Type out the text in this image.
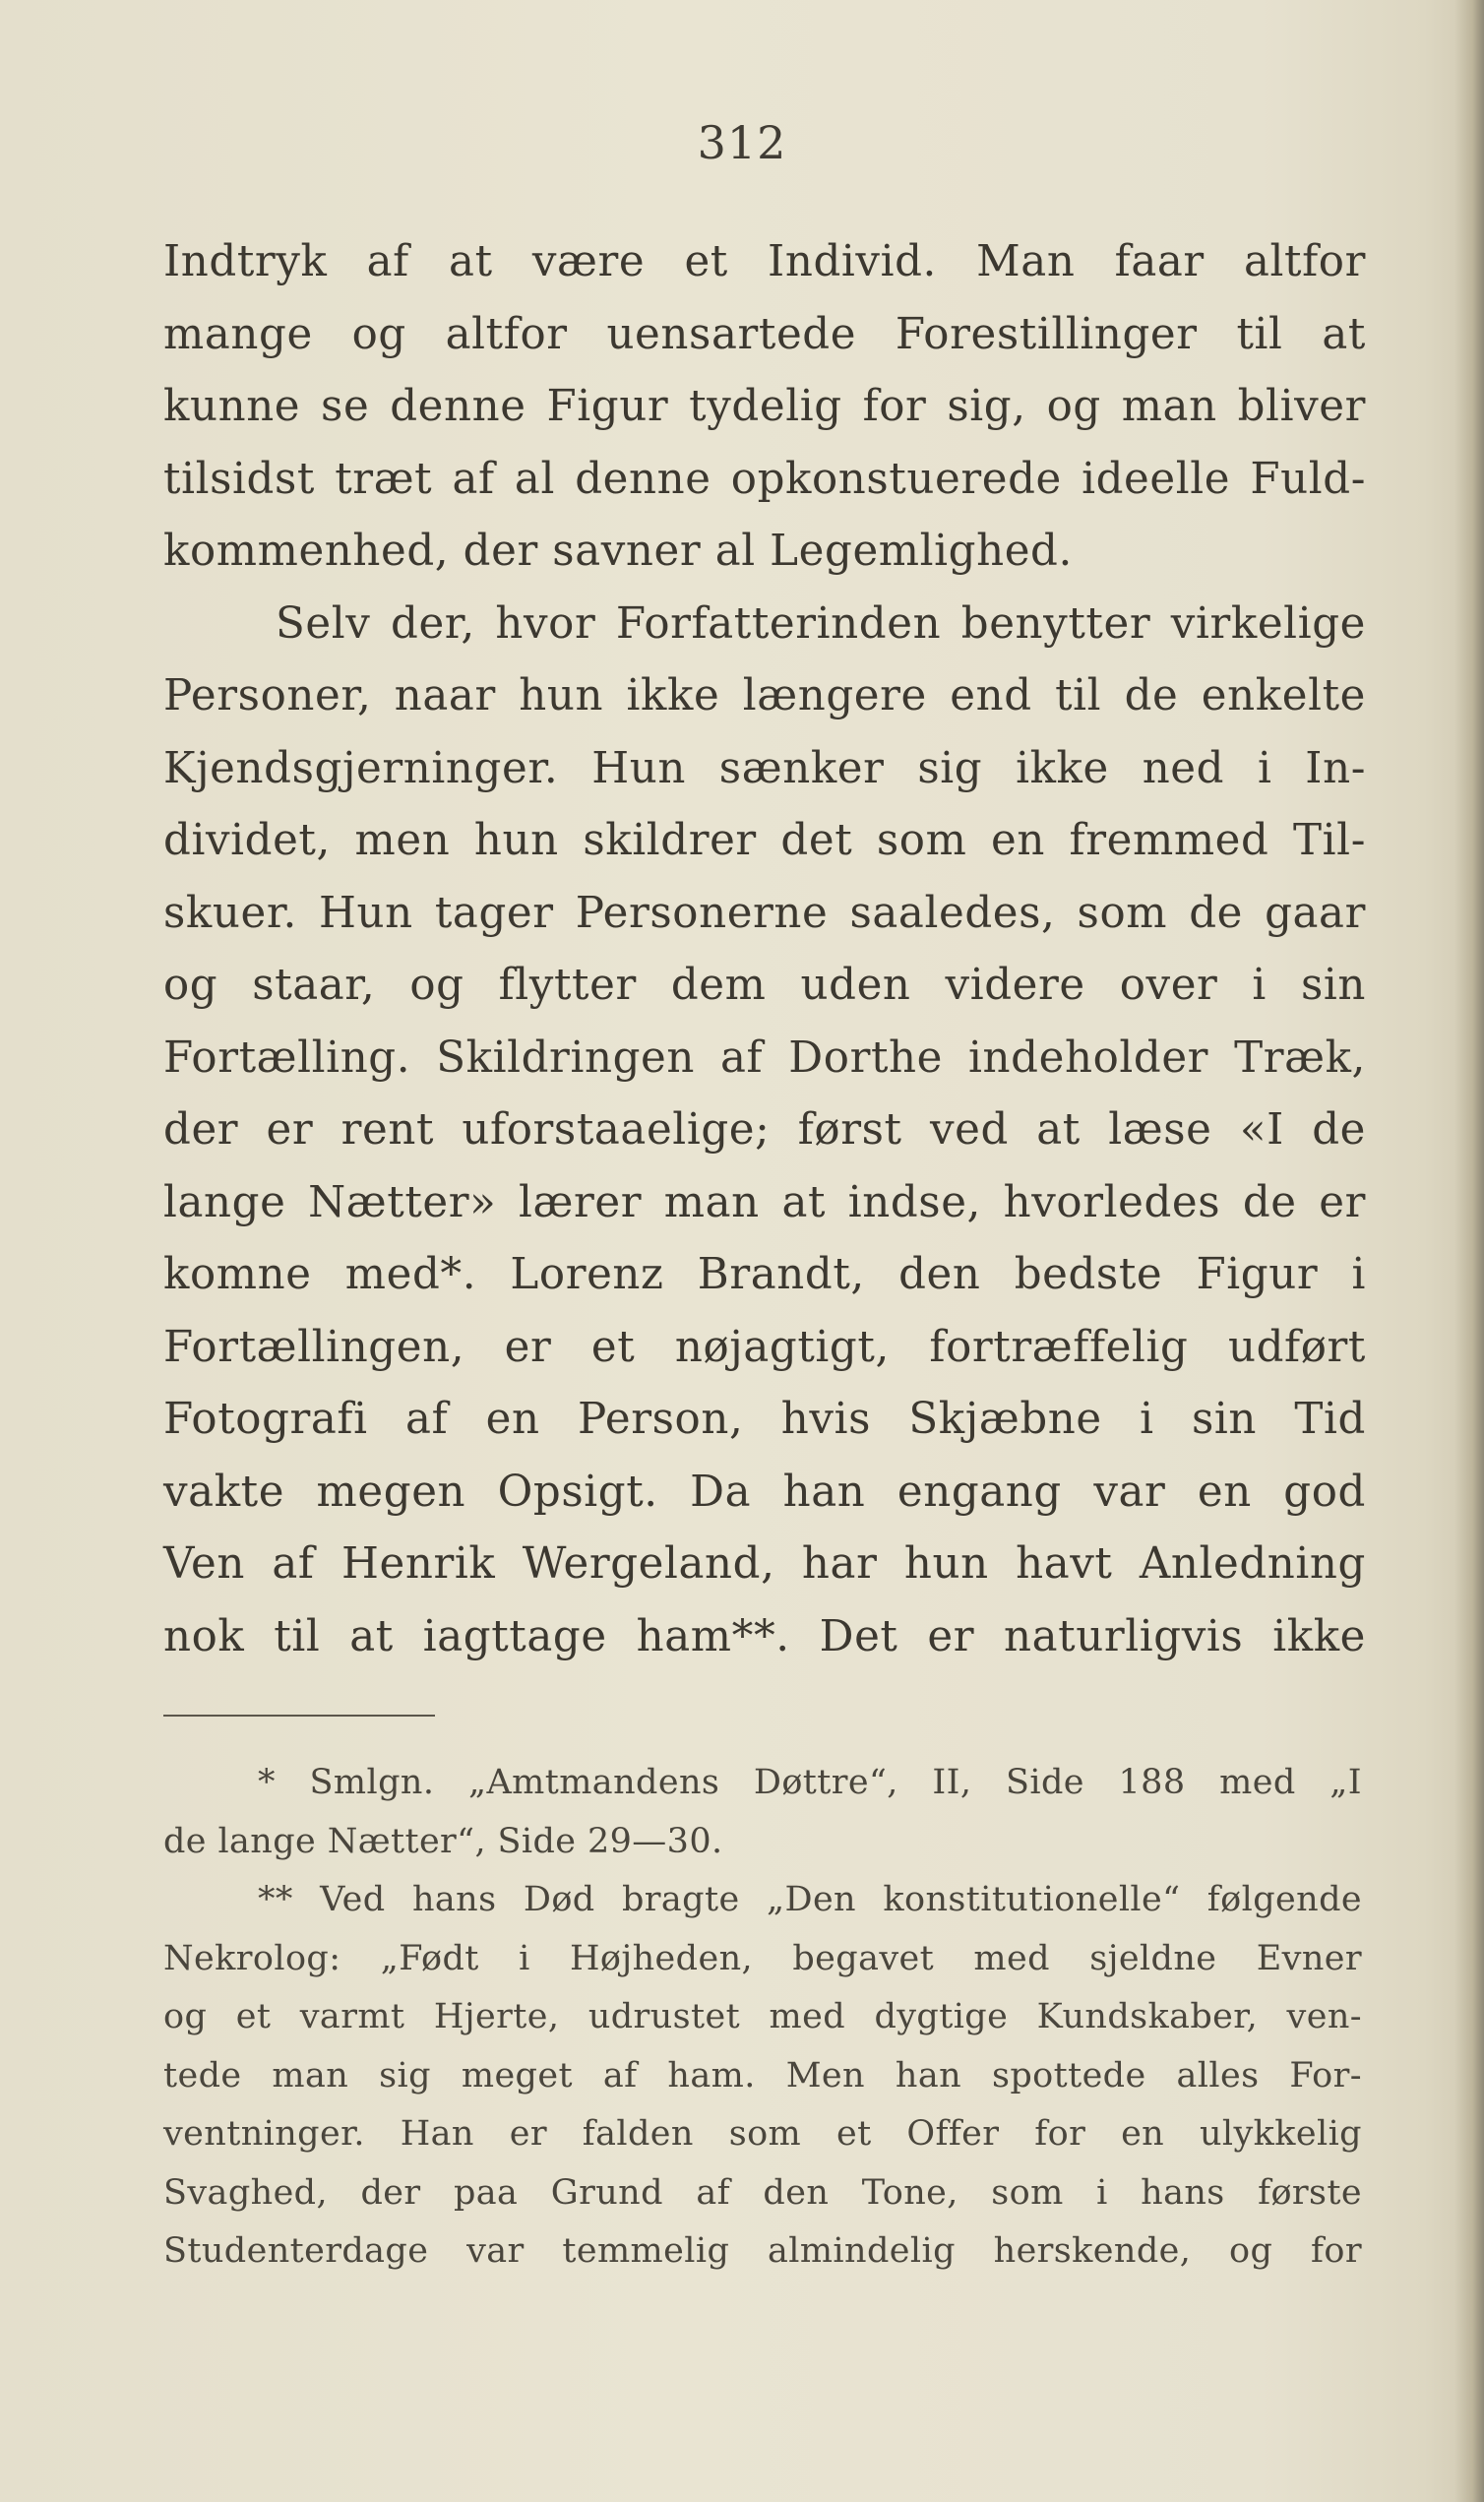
312
Indtryk af at være et Individ. Man faar altfor
mange og altfor uensartede Forestillinger til at
kunne se denne Figur tydelig for sig, og man bliver
tilsidst træt af al denne opkonstuerede ideelle Fuld-
kommenhed, der savner al Legemlighed.
Selv der, hvor Forfatterinden benytter virkelige
Personer, naar hun ikke længere end til de enkelte
Kjendsgjerninger. Hun sænker sig ikke ned i In-
dividet, men hun skildrer det som en fremmed Til-
skuer. Hun tager Personerne saaledes, som de gaar
og staar, og flytter dem uden videre over i sin
Fortælling. Skildringen af Dorthe indeholder Træk,
der er rent uforstaaelige; først ved at læse «I de
lange Nætter» lærer man at indse, hvorledes de er
komne med*. Lorenz Brandt, den bedste Figur i
Fortællingen, er et nøjagtigt, fortræffelig udført
Fotografi af en Person, hvis Skjæbne i sin Tid
vakte megen Opsigt. Da han engang var en god
Ven af Henrik Wergeland, har hun havt Anledning
nok til at iagttage ham**. Det er naturligvis ikke
* Smlgn. „Amtmandens Døttre“, II, Side 188 med „I
de lange Nætter“, Side 29—30.
** Ved hans Død bragte „Den konstitutionelle“ følgende
Nekrolog: „Født i Højheden, begavet med sjeldne Evner
og et varmt Hjerte, udrustet med dygtige Kundskaber, ven-
tede man sig meget af ham. Men han spottede alles For-
ventninger. Han er falden som et Offer for en ulykkelig
Svaghed, der paa Grund af den Tone, som i hans første
Studenterdage var temmelig almindelig herskende, og for
